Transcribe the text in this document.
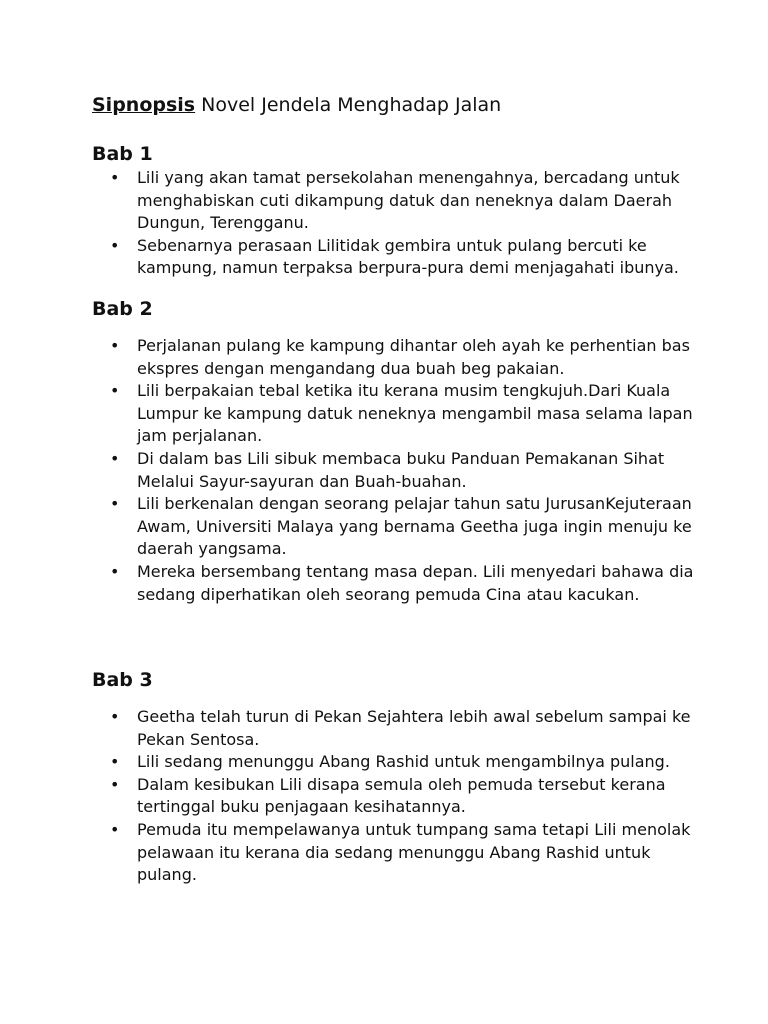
Sipnopsis Novel Jendela Menghadap Jalan
Bab 1
•	Lili yang akan tamat persekolahan menengahnya, bercadang untuk menghabiskan cuti dikampung datuk dan neneknya dalam Daerah Dungun, Terengganu.
•	Sebenarnya perasaan Lilitidak gembira untuk pulang bercuti ke kampung, namun terpaksa berpura-pura demi menjagahati ibunya.
Bab 2
•	Perjalanan pulang ke kampung dihantar oleh ayah ke perhentian bas ekspres dengan mengandang dua buah beg pakaian.
•	Lili berpakaian tebal ketika itu kerana musim tengkujuh.Dari Kuala Lumpur ke kampung datuk neneknya mengambil masa selama lapan jam perjalanan.
•	Di dalam bas Lili sibuk membaca buku Panduan Pemakanan Sihat Melalui Sayur-sayuran dan Buah-buahan.
•	Lili berkenalan dengan seorang pelajar tahun satu JurusanKejuteraan Awam, Universiti Malaya yang bernama Geetha juga ingin menuju ke daerah yangsama.
•	Mereka bersembang tentang masa depan. Lili menyedari bahawa dia sedang diperhatikan oleh seorang pemuda Cina atau kacukan.
Bab 3
•	Geetha telah turun di Pekan Sejahtera lebih awal sebelum sampai ke Pekan Sentosa.
•	Lili sedang menunggu Abang Rashid untuk mengambilnya pulang.
•	Dalam kesibukan Lili disapa semula oleh pemuda tersebut kerana tertinggal buku penjagaan kesihatannya.
•	Pemuda itu mempelawanya untuk tumpang sama tetapi Lili menolak pelawaan itu kerana dia sedang menunggu Abang Rashid untuk pulang.
